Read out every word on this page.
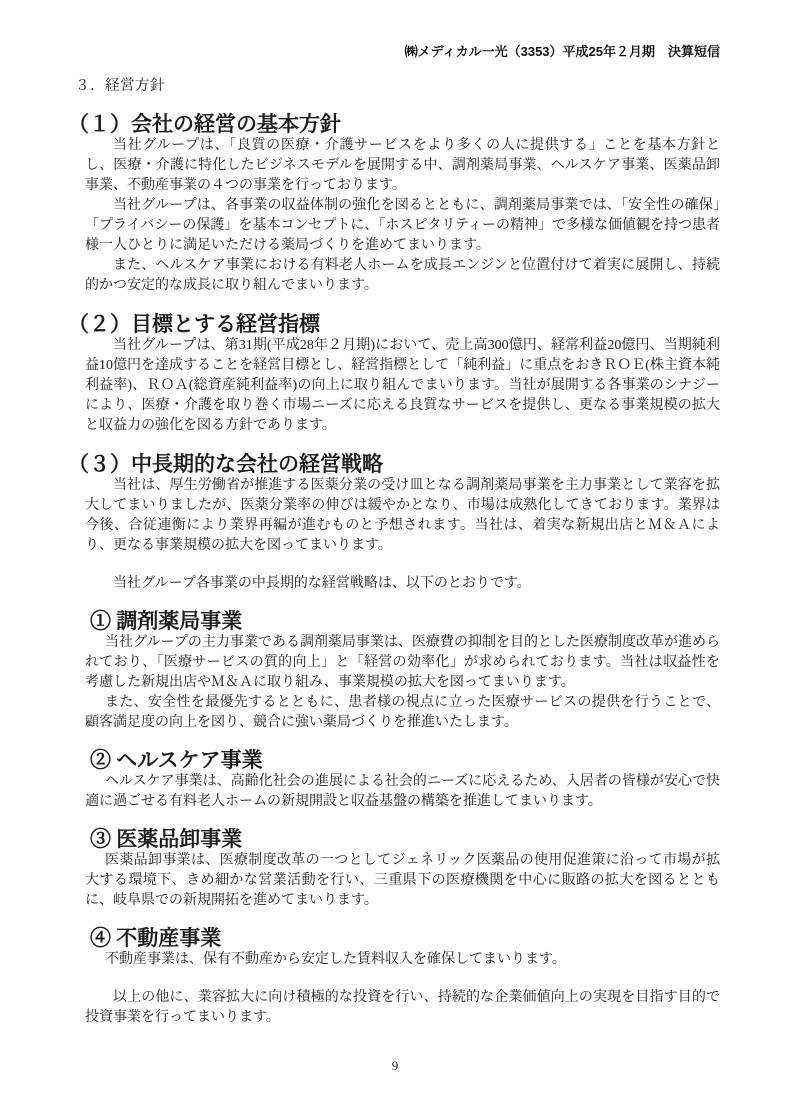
㈱メディカル一光（3353）平成25年２月期　決算短信
３．経営方針
（１）会社の経営の基本方針

当社グループは、「良質の医療・介護サービスをより多くの人に提供する」ことを基本方針とし、医療・介護に特化したビジネスモデルを展開する中、調剤薬局事業、ヘルスケア事業、医薬品卸事業、不動産事業の４つの事業を行っております。

当社グループは、各事業の収益体制の強化を図るとともに、調剤薬局事業では、「安全性の確保」「プライバシーの保護」を基本コンセプトに、「ホスピタリティーの精神」で多様な価値観を持つ患者様一人ひとりに満足いただける薬局づくりを進めてまいります。

また、ヘルスケア事業における有料老人ホームを成長エンジンと位置付けて着実に展開し、持続的かつ安定的な成長に取り組んでまいります。

（２）目標とする経営指標

当社グループは、第31期(平成28年２月期)において、売上高300億円、経常利益20億円、当期純利益10億円を達成することを経営目標とし、経営指標として「純利益」に重点をおきＲＯＥ(株主資本純利益率)、ＲＯＡ(総資産純利益率)の向上に取り組んでまいります。当社が展開する各事業のシナジーにより、医療・介護を取り巻く市場ニーズに応える良質なサービスを提供し、更なる事業規模の拡大と収益力の強化を図る方針であります。

（３）中長期的な会社の経営戦略

当社は、厚生労働省が推進する医薬分業の受け皿となる調剤薬局事業を主力事業として業容を拡大してまいりましたが、医薬分業率の伸びは緩やかとなり、市場は成熟化してきております。業界は今後、合従連衡により業界再編が進むものと予想されます。当社は、着実な新規出店とＭ＆Ａにより、更なる事業規模の拡大を図ってまいります。

当社グループ各事業の中長期的な経営戦略は、以下のとおりです。

① 調剤薬局事業

当社グループの主力事業である調剤薬局事業は、医療費の抑制を目的とした医療制度改革が進められており、「医療サービスの質的向上」と「経営の効率化」が求められております。当社は収益性を考慮した新規出店やＭ＆Ａに取り組み、事業規模の拡大を図ってまいります。

また、安全性を最優先するとともに、患者様の視点に立った医療サービスの提供を行うことで、顧客満足度の向上を図り、競合に強い薬局づくりを推進いたします。

② ヘルスケア事業

ヘルスケア事業は、高齢化社会の進展による社会的ニーズに応えるため、入居者の皆様が安心で快適に過ごせる有料老人ホームの新規開設と収益基盤の構築を推進してまいります。

③ 医薬品卸事業

医薬品卸事業は、医療制度改革の一つとしてジェネリック医薬品の使用促進策に沿って市場が拡大する環境下、きめ細かな営業活動を行い、三重県下の医療機関を中心に販路の拡大を図るとともに、岐阜県での新規開拓を進めてまいります。

④ 不動産事業

不動産事業は、保有不動産から安定した賃料収入を確保してまいります。

以上の他に、業容拡大に向け積極的な投資を行い、持続的な企業価値向上の実現を目指す目的で投資事業を行ってまいります。

9
